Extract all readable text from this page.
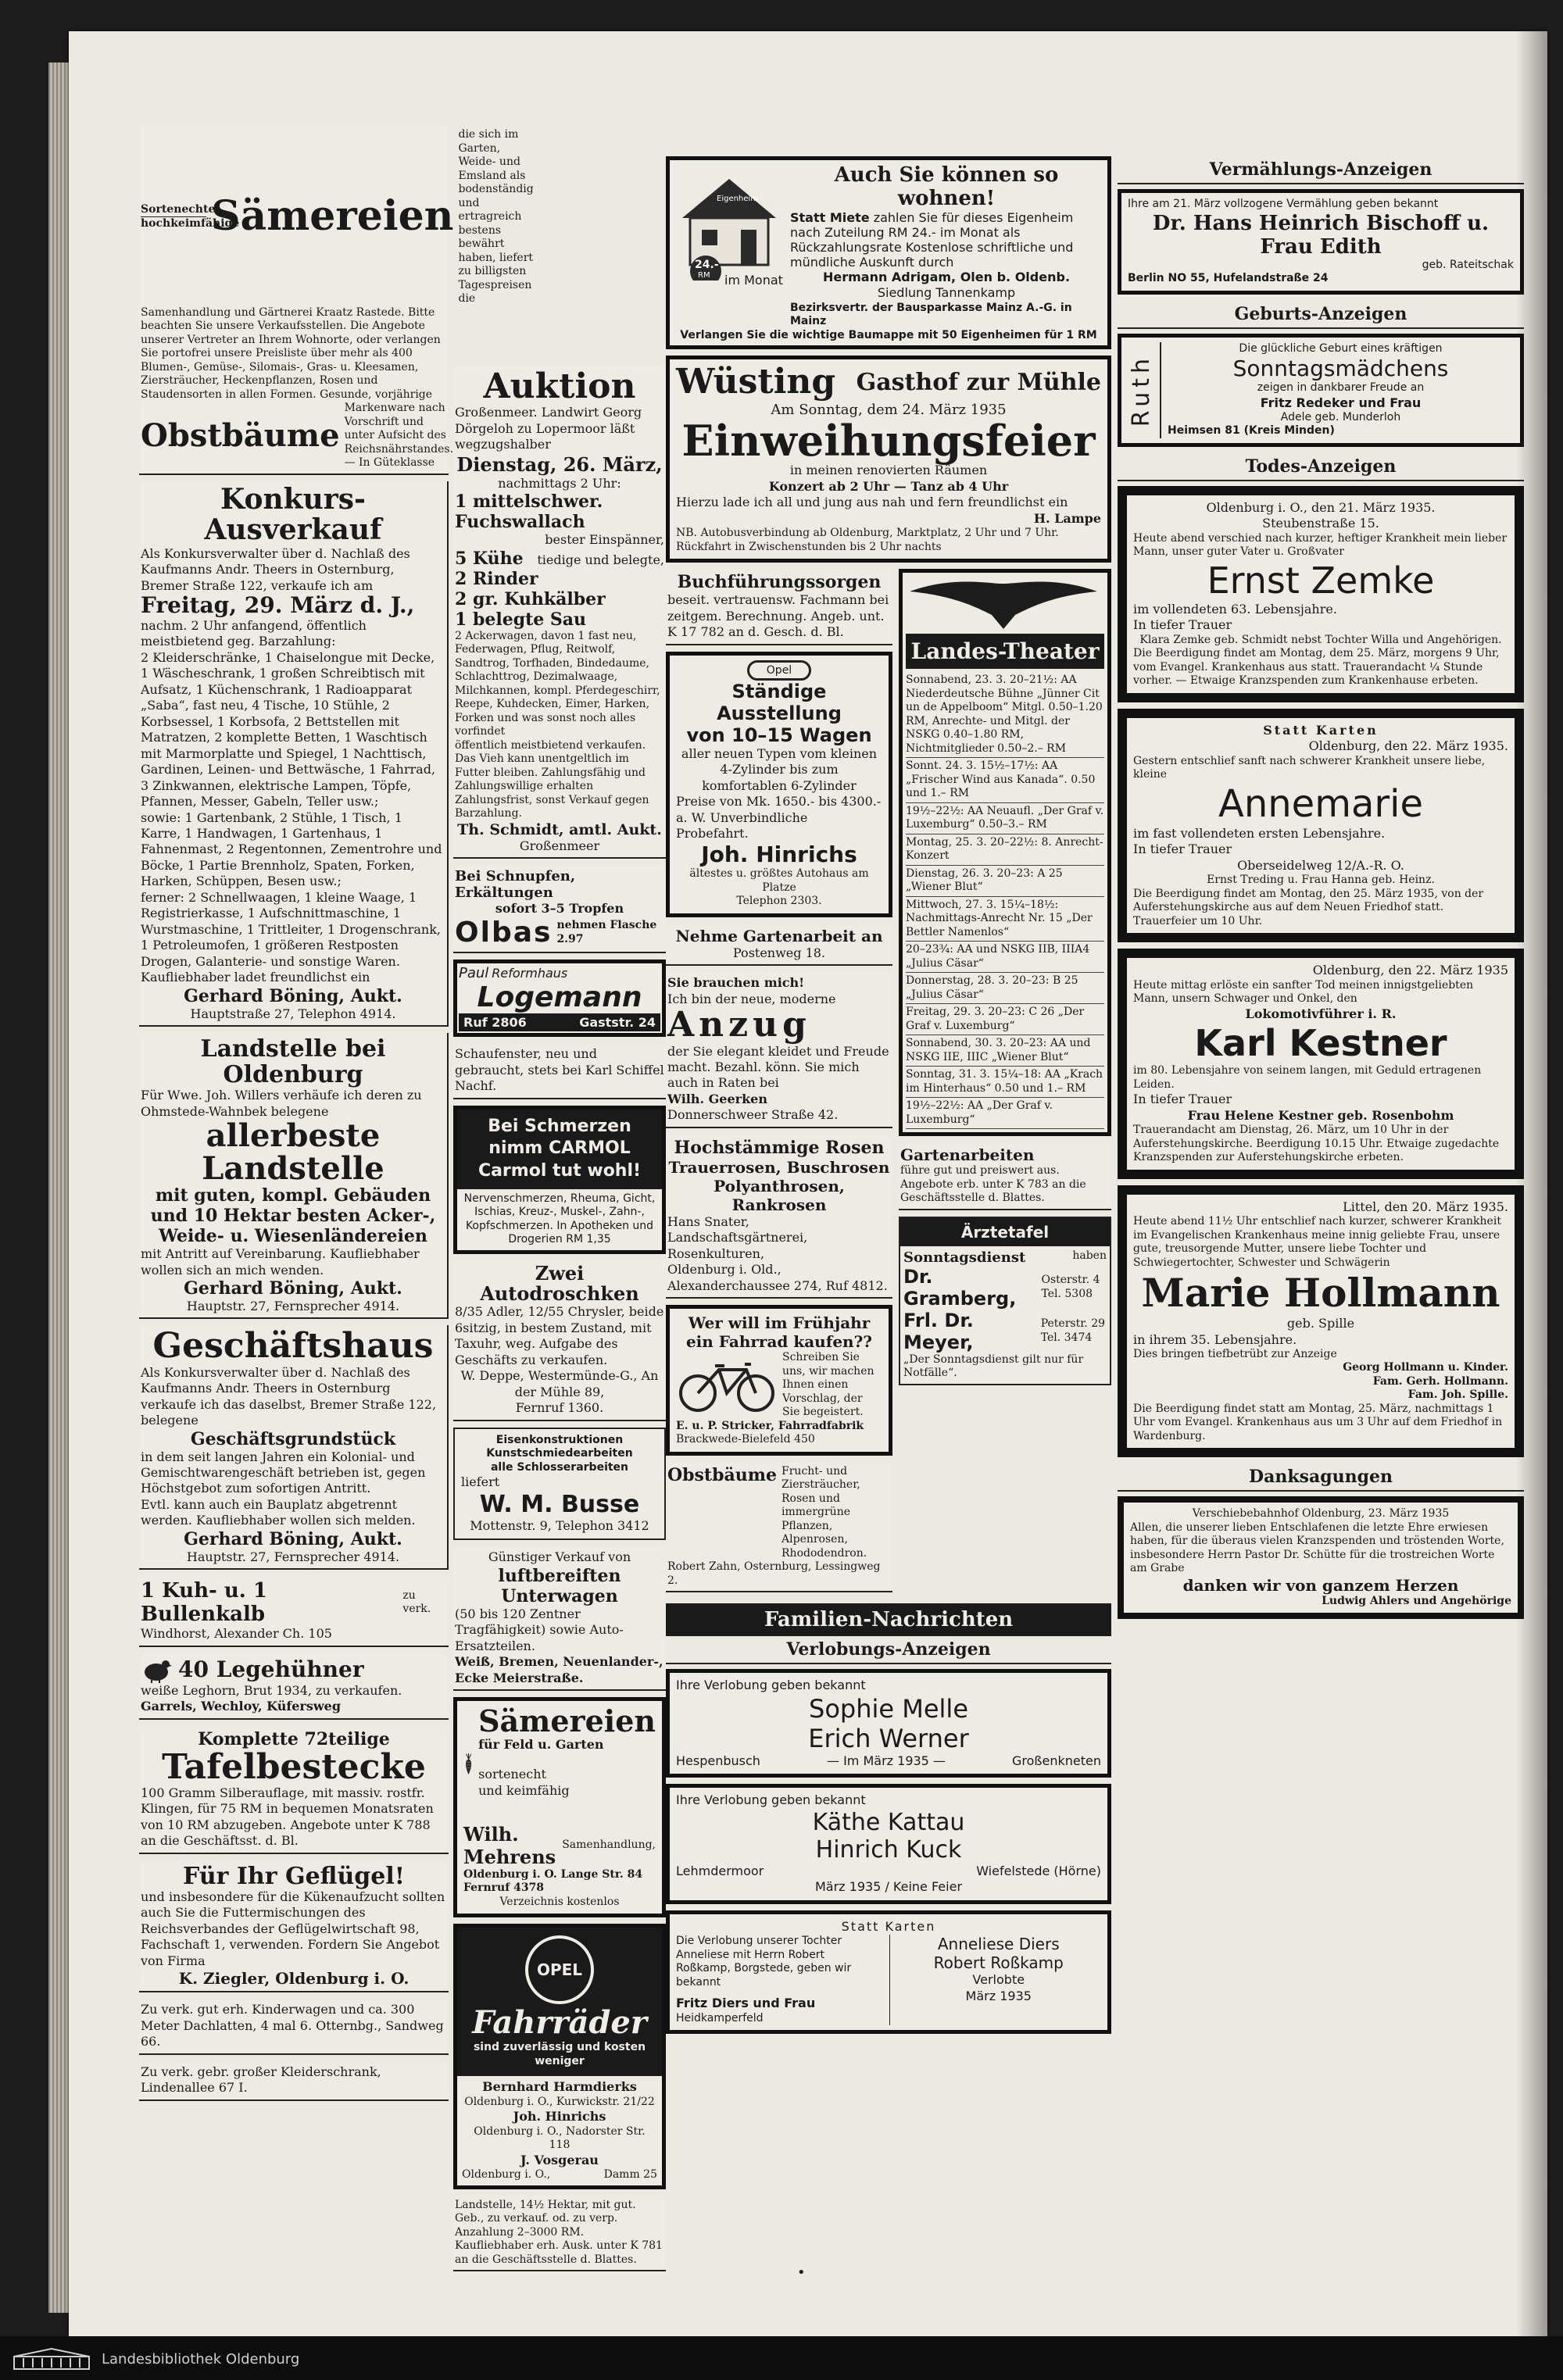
Sortenechte
hochkeimfähige
Sämereien
die sich im Garten, Weide- und Emsland als bodenständig und ertragreich bestens bewährt haben, liefert zu billigsten Tagespreisen die
Samenhandlung und Gärtnerei Kraatz Rastede. Bitte beachten Sie unsere Verkaufsstellen. Die Angebote unserer Vertreter an Ihrem Wohnorte, oder verlangen Sie portofrei unsere Preisliste über mehr als 400 Blumen-, Gemüse-, Silomais-, Gras- u. Kleesamen, Ziersträucher, Heckenpflanzen, Rosen und Staudensorten in allen Formen. Gesunde, vorjährige
Obstbäume
Markenware nach Vorschrift und unter Aufsicht des Reichsnährstandes. — In Güteklasse
Konkurs-Ausverkauf
Als Konkursverwalter über d. Nachlaß des Kaufmanns Andr. Theers in Osternburg, Bremer Straße 122, verkaufe ich am
Freitag, 29. März d. J.,
nachm. 2 Uhr anfangend, öffentlich meistbietend geg. Barzahlung:
2 Kleiderschränke, 1 Chaiselongue mit Decke, 1 Wäscheschrank, 1 großen Schreibtisch mit Aufsatz, 1 Küchenschrank, 1 Radioapparat „Saba“, fast neu, 4 Tische, 10 Stühle, 2 Korbsessel, 1 Korbsofa, 2 Bettstellen mit Matratzen, 2 komplette Betten, 1 Waschtisch mit Marmorplatte und Spiegel, 1 Nachttisch, Gardinen, Leinen- und Bettwäsche, 1 Fahrrad, 3 Zinkwannen, elektrische Lampen, Töpfe, Pfannen, Messer, Gabeln, Teller usw.;
sowie: 1 Gartenbank, 2 Stühle, 1 Tisch, 1 Karre, 1 Handwagen, 1 Gartenhaus, 1 Fahnenmast, 2 Regentonnen, Zementrohre und Böcke, 1 Partie Brennholz, Spaten, Forken, Harken, Schüppen, Besen usw.;
ferner: 2 Schnellwaagen, 1 kleine Waage, 1 Registrierkasse, 1 Aufschnittmaschine, 1 Wurstmaschine, 1 Trittleiter, 1 Drogenschrank, 1 Petroleumofen, 1 größeren Restposten Drogen, Galanterie- und sonstige Waren.
Kaufliebhaber ladet freundlichst ein
Gerhard Böning, Aukt.
Hauptstraße 27, Telephon 4914.
Landstelle bei Oldenburg
Für Wwe. Joh. Willers verhäufe ich deren zu Ohmstede-Wahnbek belegene
allerbeste Landstelle
mit guten, kompl. Gebäuden und 10 Hektar besten Acker-, Weide- u. Wiesenländereien
mit Antritt auf Vereinbarung. Kaufliebhaber wollen sich an mich wenden.
Gerhard Böning, Aukt.
Hauptstr. 27, Fernsprecher 4914.
Geschäftshaus
Als Konkursverwalter über d. Nachlaß des Kaufmanns Andr. Theers in Osternburg verkaufe ich das daselbst, Bremer Straße 122, belegene
Geschäftsgrundstück
in dem seit langen Jahren ein Kolonial- und Gemischtwarengeschäft betrieben ist, gegen Höchstgebot zum sofortigen Antritt.
Evtl. kann auch ein Bauplatz abgetrennt werden. Kaufliebhaber wollen sich melden.
Gerhard Böning, Aukt.
Hauptstr. 27, Fernsprecher 4914.
1 Kuh- u. 1 Bullenkalb
zu verk.
Windhorst, Alexander Ch. 105
40 Legehühner
weiße Leghorn, Brut 1934, zu verkaufen.
Garrels, Wechloy, Küfersweg
Komplette 72teilige
Tafelbestecke
100 Gramm Silberauflage, mit massiv. rostfr. Klingen, für 75 RM in bequemen Monatsraten von 10 RM abzugeben. Angebote unter K 788 an die Geschäftsst. d. Bl.
Für Ihr Geflügel!
und insbesondere für die Kükenaufzucht sollten auch Sie die Futtermischungen des Reichsverbandes der Geflügelwirtschaft 98, Fachschaft 1, verwenden. Fordern Sie Angebot von Firma
K. Ziegler, Oldenburg i. O.
Zu verk. gut erh. Kinderwagen und ca. 300 Meter Dachlatten, 4 mal 6. Otternbg., Sandweg 66.
Zu verk. gebr. großer Kleiderschrank, Lindenallee 67 I.
Auktion
Großenmeer. Landwirt Georg Dörgeloh zu Lopermoor läßt wegzugshalber
Dienstag, 26. März,
nachmittags 2 Uhr:
1 mittelschwer. Fuchswallach
bester Einspänner,
5 Kühe tiedige und belegte,
2 Rinder
2 gr. Kuhkälber
1 belegte Sau
2 Ackerwagen, davon 1 fast neu, Federwagen, Pflug, Reitwolf, Sandtrog, Torfhaden, Bindedaume, Schlachttrog, Dezimalwaage, Milchkannen, kompl. Pferdegeschirr, Reepe, Kuhdecken, Eimer, Harken, Forken und was sonst noch alles vorfindet
öffentlich meistbietend verkaufen. Das Vieh kann unentgeltlich im Futter bleiben. Zahlungsfähig und Zahlungswillige erhalten Zahlungsfrist, sonst Verkauf gegen Barzahlung.
Th. Schmidt, amtl. Aukt.
Großenmeer
Bei Schnupfen, Erkältungen
sofort 3–5 Tropfen
Olbas nehmen Flasche 2.97
Paul Reformhaus
Logemann
Ruf 2806	Gaststr. 24
Schaufenster, neu und gebraucht, stets bei Karl Schiffel Nachf.
Bei Schmerzen
nimm CARMOL
Carmol tut wohl!
Nervenschmerzen, Rheuma, Gicht, Ischias, Kreuz-, Muskel-, Zahn-, Kopfschmerzen. In Apotheken und Drogerien RM 1,35
Zwei Autodroschken
8/35 Adler, 12/55 Chrysler, beide 6sitzig, in bestem Zustand, mit Taxuhr, weg. Aufgabe des Geschäfts zu verkaufen.
W. Deppe, Westermünde-G., An der Mühle 89,
Fernruf 1360.
Eisenkonstruktionen
Kunstschmiedearbeiten
alle Schlosserarbeiten
liefert
W. M. Busse
Mottenstr. 9, Telephon 3412
Günstiger Verkauf von
luftbereiften Unterwagen
(50 bis 120 Zentner Tragfähigkeit) sowie Auto-Ersatzteilen.
Weiß, Bremen, Neuenlander-, Ecke Meierstraße.
Sämereien
für Feld u. Garten
sortenecht
und keimfähig
Wilh. Mehrens
Samenhandlung,
Oldenburg i. O. Lange Str. 84 Fernruf 4378
Verzeichnis kostenlos
OPEL
Fahrräder
sind zuverlässig und kosten weniger
Bernhard Harmdierks
Oldenburg i. O., Kurwickstr. 21/22
Joh. Hinrichs
Oldenburg i. O., Nadorster Str. 118
J. Vosgerau
Oldenburg i. O.,	Damm 25
Landstelle, 14½ Hektar, mit gut. Geb., zu verkauf. od. zu verp. Anzahlung 2–3000 RM. Kaufliebhaber erh. Ausk. unter K 781 an die Geschäftsstelle d. Blattes.
Eigenheim
24.-
RM im Monat
Auch Sie können so wohnen!
Statt Miete zahlen Sie für dieses Eigenheim nach Zuteilung RM 24.- im Monat als Rückzahlungsrate Kostenlose schriftliche und mündliche Auskunft durch
Hermann Adrigam, Olen b. Oldenb.
Siedlung Tannenkamp
Bezirksvertr. der Bausparkasse Mainz A.-G. in Mainz
Verlangen Sie die wichtige Baumappe mit 50 Eigenheimen für 1 RM
Wüsting Gasthof zur Mühle
Am Sonntag, dem 24. März 1935
Einweihungsfeier
in meinen renovierten Räumen
Konzert ab 2 Uhr — Tanz ab 4 Uhr
Hierzu lade ich all und jung aus nah und fern freundlichst ein
H. Lampe
NB. Autobusverbindung ab Oldenburg, Marktplatz, 2 Uhr und 7 Uhr. Rückfahrt in Zwischenstunden bis 2 Uhr nachts
Buchführungssorgen
beseit. vertrauensw. Fachmann bei zeitgem. Berechnung. Angeb. unt. K 17 782 an d. Gesch. d. Bl.
Opel
Ständige Ausstellung
von 10–15 Wagen
aller neuen Typen vom kleinen 4-Zylinder bis zum komfortablen 6-Zylinder
Preise von Mk. 1650.- bis 4300.- a. W. Unverbindliche Probefahrt.
Joh. Hinrichs
ältestes u. größtes Autohaus am Platze
Telephon 2303.
Nehme Gartenarbeit an
Postenweg 18.
Sie brauchen mich!
Ich bin der neue, moderne
Anzug
der Sie elegant kleidet und Freude macht. Bezahl. könn. Sie mich auch in Raten bei
Wilh. Geerken
Donnerschweer Straße 42.
Hochstämmige Rosen
Trauerrosen, Buschrosen
Polyanthrosen, Rankrosen
Hans Snater, Landschaftsgärtnerei, Rosenkulturen,
Oldenburg i. Old., Alexanderchaussee 274, Ruf 4812.
Wer will im Frühjahr ein Fahrrad kaufen??
Schreiben Sie uns, wir machen Ihnen einen Vorschlag, der Sie begeistert.
E. u. P. Stricker, Fahrradfabrik
Brackwede-Bielefeld 450
Obstbäume Frucht- und Ziersträucher, Rosen und immergrüne Pflanzen, Alpenrosen, Rhododendron.
Robert Zahn, Osternburg, Lessingweg 2.
Landes-Theater
Sonnabend, 23. 3. 20–21½: AA Niederdeutsche Bühne „Jünner Cit un de Appelboom“ Mitgl. 0.50–1.20 RM, Anrechte- und Mitgl. der NSKG 0.40–1.80 RM, Nichtmitglieder 0.50–2.– RM
Sonnt. 24. 3. 15½–17½: AA „Frischer Wind aus Kanada“. 0.50 und 1.– RM
19½–22½: AA Neuaufl. „Der Graf v. Luxemburg“ 0.50–3.– RM
Montag, 25. 3. 20–22½: 8. Anrecht-Konzert
Dienstag, 26. 3. 20–23: A 25 „Wiener Blut“
Mittwoch, 27. 3. 15¼–18½: Nachmittags-Anrecht Nr. 15 „Der Bettler Namenlos“
20–23¾: AA und NSKG IIB, IIIA4 „Julius Cäsar“
Donnerstag, 28. 3. 20–23: B 25 „Julius Cäsar“
Freitag, 29. 3. 20–23: C 26 „Der Graf v. Luxemburg“
Sonnabend, 30. 3. 20–23: AA und NSKG IIE, IIIC „Wiener Blut“
Sonntag, 31. 3. 15¼–18: AA „Krach im Hinterhaus“ 0.50 und 1.– RM
19½–22½: AA „Der Graf v. Luxemburg“
Gartenarbeiten
führe gut und preiswert aus. Angebote erb. unter K 783 an die Geschäftsstelle d. Blattes.
Ärztetafel
Sonntagsdienst	haben
Dr. Gramberg,
Osterstr. 4 Tel. 5308
Frl. Dr. Meyer,
Peterstr. 29 Tel. 3474
„Der Sonntagsdienst gilt nur für Notfälle“.
Familien-Nachrichten
Verlobungs-Anzeigen
Ihre Verlobung geben bekannt
Sophie Melle
Erich Werner
Hespenbusch	— Im März 1935 —	Großenkneten
Ihre Verlobung geben bekannt
Käthe Kattau
Hinrich Kuck
Lehmdermoor	Wiefelstede (Hörne)
März 1935 / Keine Feier
Statt Karten
Die Verlobung unserer Tochter Anneliese mit Herrn Robert Roßkamp, Borgstede, geben wir bekannt
Fritz Diers und Frau
Heidkamperfeld
Anneliese Diers
Robert Roßkamp
Verlobte
März 1935
Vermählungs-Anzeigen
Ihre am 21. März vollzogene Vermählung geben bekannt
Dr. Hans Heinrich Bischoff u. Frau Edith
geb. Rateitschak
Berlin NO 55, Hufelandstraße 24
Geburts-Anzeigen
Ruth
Die glückliche Geburt eines kräftigen
Sonntagsmädchens
zeigen in dankbarer Freude an
Fritz Redeker und Frau
Adele geb. Munderloh
Heimsen 81 (Kreis Minden)
Todes-Anzeigen
Oldenburg i. O., den 21. März 1935.
Steubenstraße 15.
Heute abend verschied nach kurzer, heftiger Krankheit mein lieber Mann, unser guter Vater u. Großvater
Ernst Zemke
im vollendeten 63. Lebensjahre.
In tiefer Trauer
Klara Zemke geb. Schmidt nebst Tochter Willa und Angehörigen.
Die Beerdigung findet am Montag, dem 25. März, morgens 9 Uhr, vom Evangel. Krankenhaus aus statt. Trauerandacht ¼ Stunde vorher. — Etwaige Kranzspenden zum Krankenhause erbeten.
Statt Karten
Oldenburg, den 22. März 1935.
Gestern entschlief sanft nach schwerer Krankheit unsere liebe, kleine
Annemarie
im fast vollendeten ersten Lebensjahre.
In tiefer Trauer
Oberseidelweg 12/A.-R. O.
Ernst Treding u. Frau Hanna geb. Heinz.
Die Beerdigung findet am Montag, den 25. März 1935, von der Auferstehungskirche aus auf dem Neuen Friedhof statt. Trauerfeier um 10 Uhr.
Oldenburg, den 22. März 1935
Heute mittag erlöste ein sanfter Tod meinen innigstgeliebten Mann, unsern Schwager und Onkel, den
Lokomotivführer i. R.
Karl Kestner
im 80. Lebensjahre von seinem langen, mit Geduld ertragenen Leiden.
In tiefer Trauer
Frau Helene Kestner geb. Rosenbohm
Trauerandacht am Dienstag, 26. März, um 10 Uhr in der Auferstehungskirche. Beerdigung 10.15 Uhr. Etwaige zugedachte Kranzspenden zur Auferstehungskirche erbeten.
Littel, den 20. März 1935.
Heute abend 11½ Uhr entschlief nach kurzer, schwerer Krankheit im Evangelischen Krankenhaus meine innig geliebte Frau, unsere gute, treusorgende Mutter, unsere liebe Tochter und Schwiegertochter, Schwester und Schwägerin
Marie Hollmann
geb. Spille
in ihrem 35. Lebensjahre.
Dies bringen tiefbetrübt zur Anzeige
Georg Hollmann u. Kinder.
Fam. Gerh. Hollmann.
Fam. Joh. Spille.
Die Beerdigung findet statt am Montag, 25. März, nachmittags 1 Uhr vom Evangel. Krankenhaus aus um 3 Uhr auf dem Friedhof in Wardenburg.
Danksagungen
Verschiebebahnhof Oldenburg, 23. März 1935
Allen, die unserer lieben Entschlafenen die letzte Ehre erwiesen haben, für die überaus vielen Kranzspenden und tröstenden Worte, insbesondere Herrn Pastor Dr. Schütte für die trostreichen Worte am Grabe
danken wir von ganzem Herzen
Ludwig Ahlers und Angehörige
•
Landesbibliothek Oldenburg
